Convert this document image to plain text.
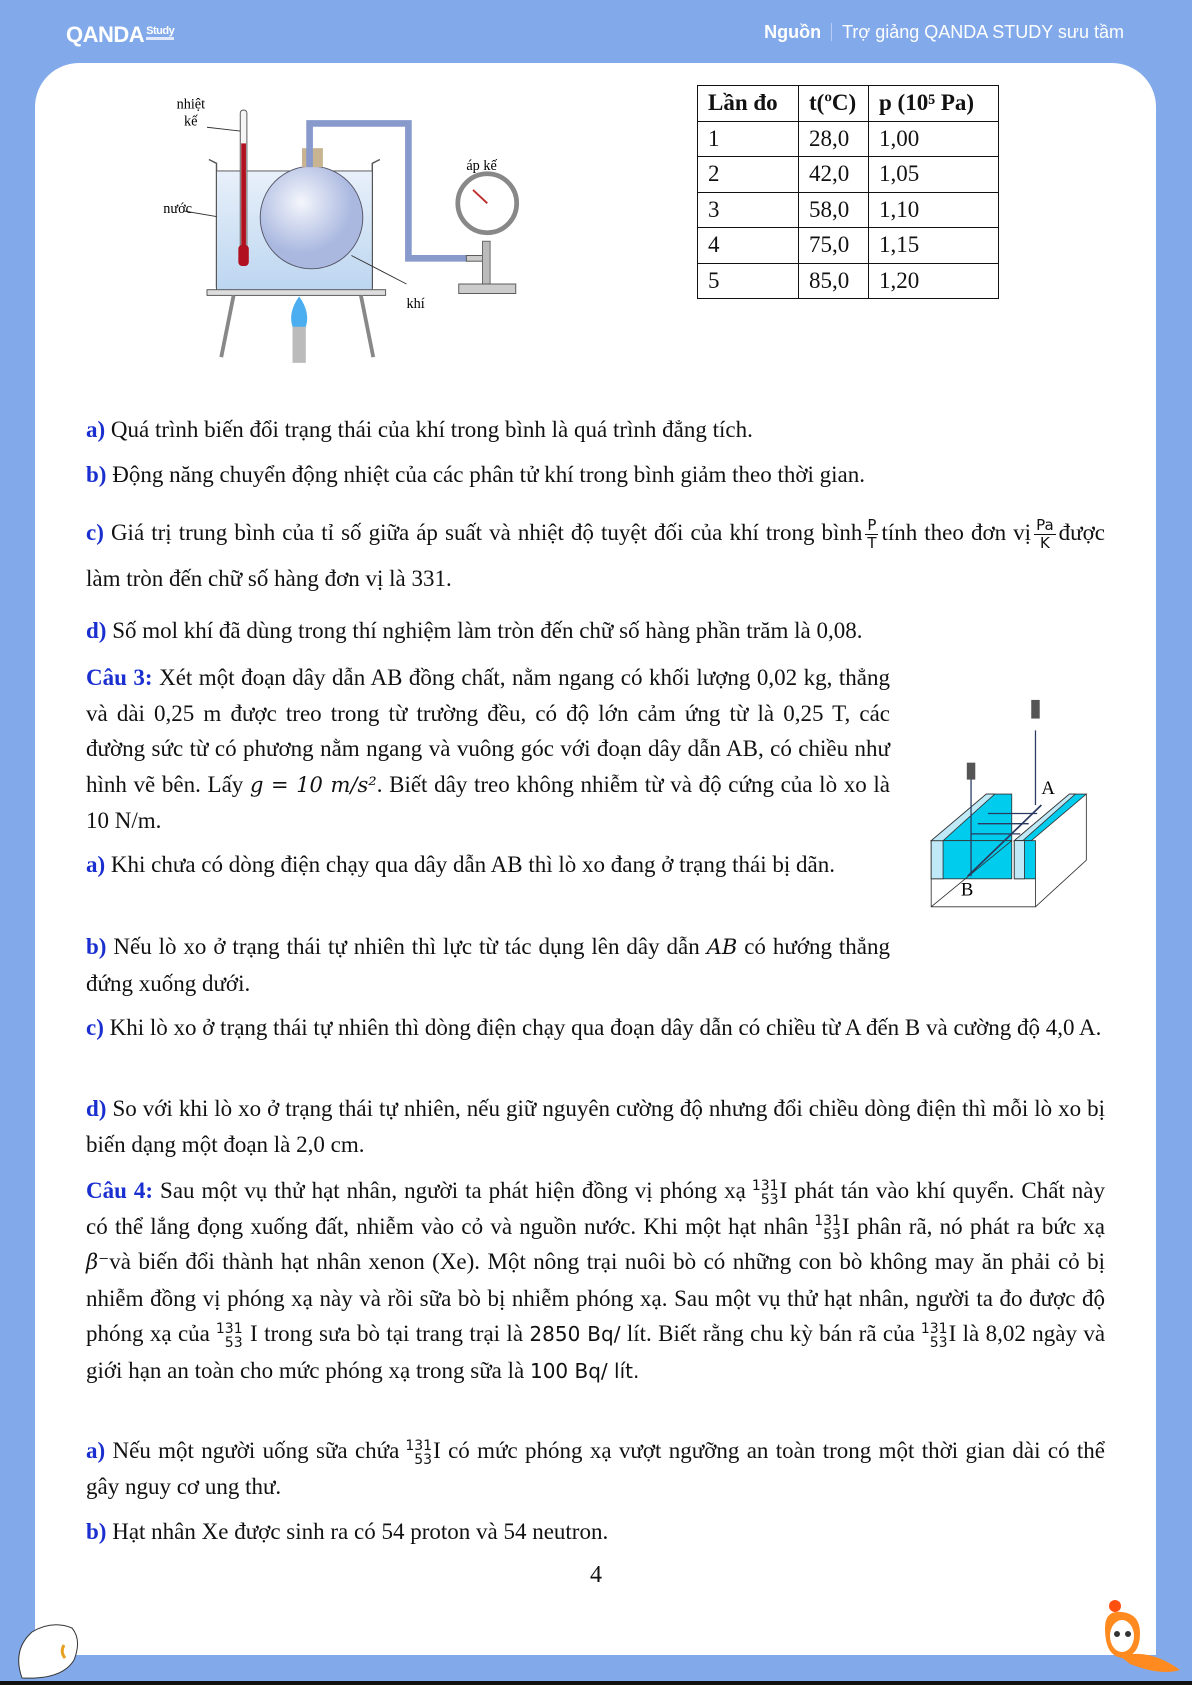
QANDA $^{Study}$	Nguồn Trợ giảng QANDA STUDY sưu tầm
nhiệt
kế
nước
khí
áp kế
Lần đo	t(ºC)	p (10⁵ Pa)
1	28,0	1,00
2	42,0	1,05
3	58,0	1,10
4	75,0	1,15
5	85,0	1,20
a) Quá trình biến đổi trạng thái của khí trong bình là quá trình đẳng tích.
b) Động năng chuyển động nhiệt của các phân tử khí trong bình giảm theo thời gian.
c) Giá trị trung bình của tỉ số giữa áp suất và nhiệt độ tuyệt đối của khí trong bình $\frac{P}{T}$ tính theo đơn vị $\frac{Pa}{K}$ được làm tròn đến chữ số hàng đơn vị là 331.
d) Số mol khí đã dùng trong thí nghiệm làm tròn đến chữ số hàng phần trăm là 0,08.
Câu 3: Xét một đoạn dây dẫn AB đồng chất, nằm ngang có khối lượng 0,02 kg, thẳng và dài 0,25 m được treo trong từ trường đều, có độ lớn cảm ứng từ là 0,25 T, các đường sức từ có phương nằm ngang và vuông góc với đoạn dây dẫn AB, có chiều như hình vẽ bên. Lấy g = 10 m/s². Biết dây treo không nhiễm từ và độ cứng của lò xo là 10 N/m.
A
B
a) Khi chưa có dòng điện chạy qua dây dẫn AB thì lò xo đang ở trạng thái bị dãn.
b) Nếu lò xo ở trạng thái tự nhiên thì lực từ tác dụng lên dây dẫn AB có hướng thẳng đứng xuống dưới.
c) Khi lò xo ở trạng thái tự nhiên thì dòng điện chạy qua đoạn dây dẫn có chiều từ A đến B và cường độ 4,0 A.
d) So với khi lò xo ở trạng thái tự nhiên, nếu giữ nguyên cường độ nhưng đổi chiều dòng điện thì mỗi lò xo bị biến dạng một đoạn là 2,0 cm.
Câu 4: Sau một vụ thử hạt nhân, người ta phát hiện đồng vị phóng xạ 131
53 I phát tán vào khí quyển. Chất này có thể lắng đọng xuống đất, nhiễm vào cỏ và nguồn nước. Khi một hạt nhân 131
53 I phân rã, nó phát ra bức xạ β⁻và biến đổi thành hạt nhân xenon (Xe). Một nông trại nuôi bò có những con bò không may ăn phải cỏ bị nhiễm đồng vị phóng xạ này và rồi sữa bò bị nhiễm phóng xạ. Sau một vụ thử hạt nhân, người ta đo được độ phóng xạ của 131
53 I trong sưa bò tại trang trại là 2850 Bq/ lít. Biết rằng chu kỳ bán rã của 131
53 I là 8,02 ngày và giới hạn an toàn cho mức phóng xạ trong sữa là 100 Bq/ lít.
a) Nếu một người uống sữa chứa 131
53 I có mức phóng xạ vượt ngưỡng an toàn trong một thời gian dài có thể gây nguy cơ ung thư.
b) Hạt nhân Xe được sinh ra có 54 proton và 54 neutron.
4
